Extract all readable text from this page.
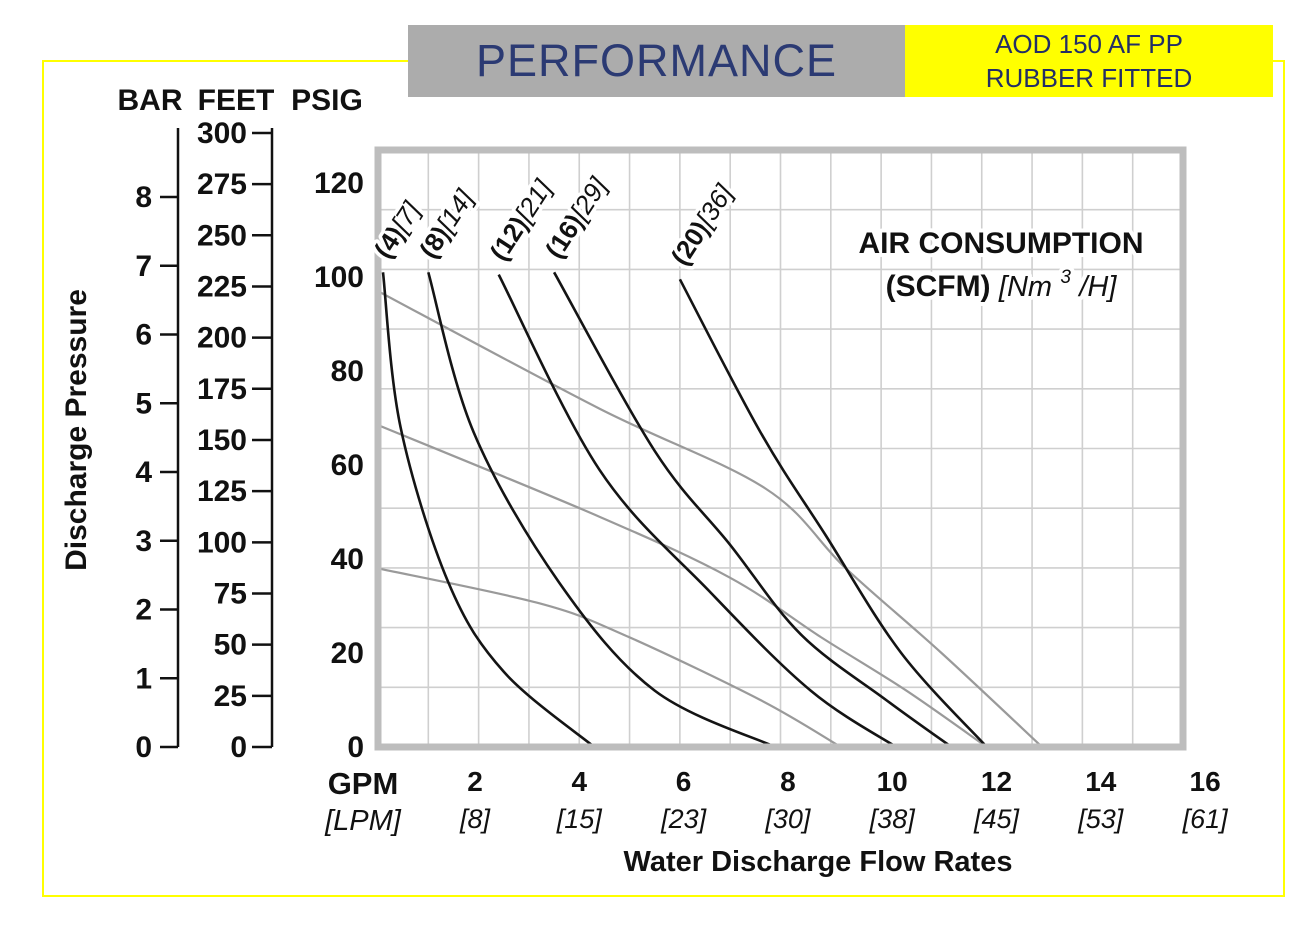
PERFORMANCE	AOD 150 AF PP
RUBBER FITTED
0
1
2
3
4
5
6
7
8
0
25
50
75
100
125
150
175
200
225
250
275
300
0
20
40
60
80
100
120
2
[8]
4
[15]
6
[23]
8
[30]
10
[38]
12
[45]
14
[53]
16
[61]
(4)[7]
(8)[14]
(12)[21]
(16)[29]
(20)[36]
BAR FEET PSIG
Discharge Pressure
GPM
[LPM]
Water Discharge Flow Rates
AIR CONSUMPTION
(SCFM) [Nm $^3$ /H]
